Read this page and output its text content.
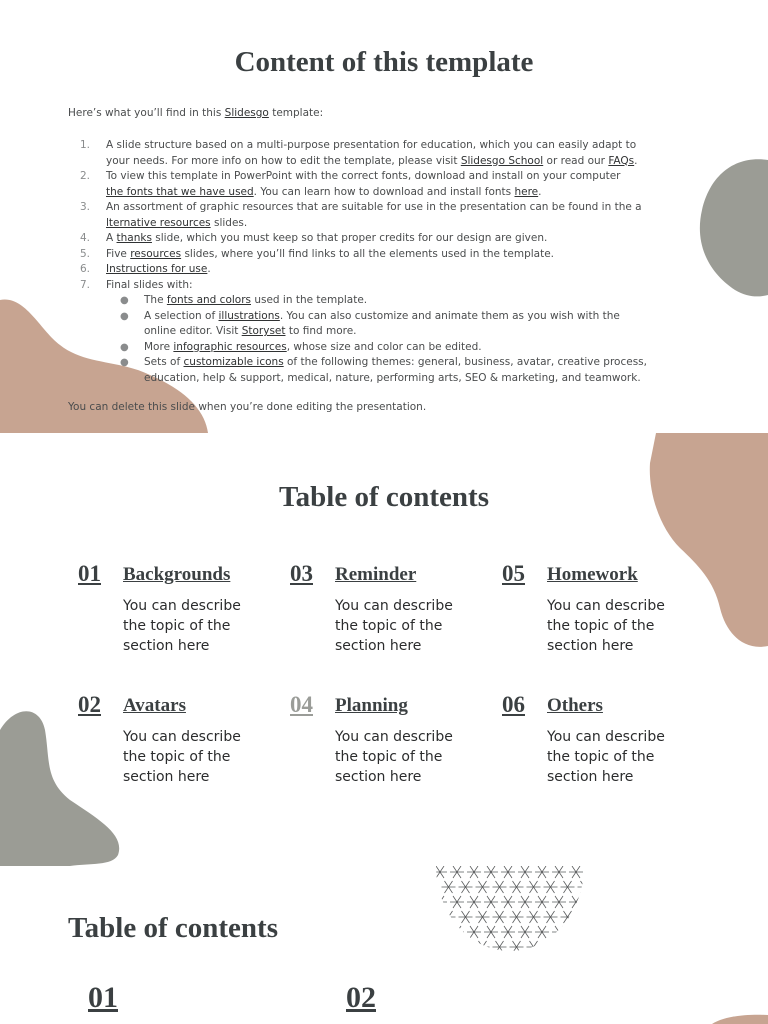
Content of this template

Here’s what you’ll find in this Slidesgo template:

1. A slide structure based on a multi-purpose presentation for education, which you can easily adapt to
your needs. For more info on how to edit the template, please visit Slidesgo School or read our FAQs.
2. To view this template in PowerPoint with the correct fonts, download and install on your computer
the fonts that we have used. You can learn how to download and install fonts here.
3. An assortment of graphic resources that are suitable for use in the presentation can be found in the a
lternative resources slides.
4. A thanks slide, which you must keep so that proper credits for our design are given.
5. Five resources slides, where you’ll find links to all the elements used in the template.
6. Instructions for use.
7. Final slides with:
● The fonts and colors used in the template.
● A selection of illustrations. You can also customize and animate them as you wish with the
online editor. Visit Storyset to find more.
● More infographic resources, whose size and color can be edited.
● Sets of customizable icons of the following themes: general, business, avatar, creative process,
education, help & support, medical, nature, performing arts, SEO & marketing, and teamwork.

You can delete this slide when you’re done editing the presentation.

Table of contents
01 Backgrounds
You can describe the topic of the section here
02 Avatars
You can describe the topic of the section here
03 Reminder
You can describe the topic of the section here
04 Planning
You can describe the topic of the section here
05 Homework
You can describe the topic of the section here
06 Others
You can describe the topic of the section here
Table of contents
01	02
